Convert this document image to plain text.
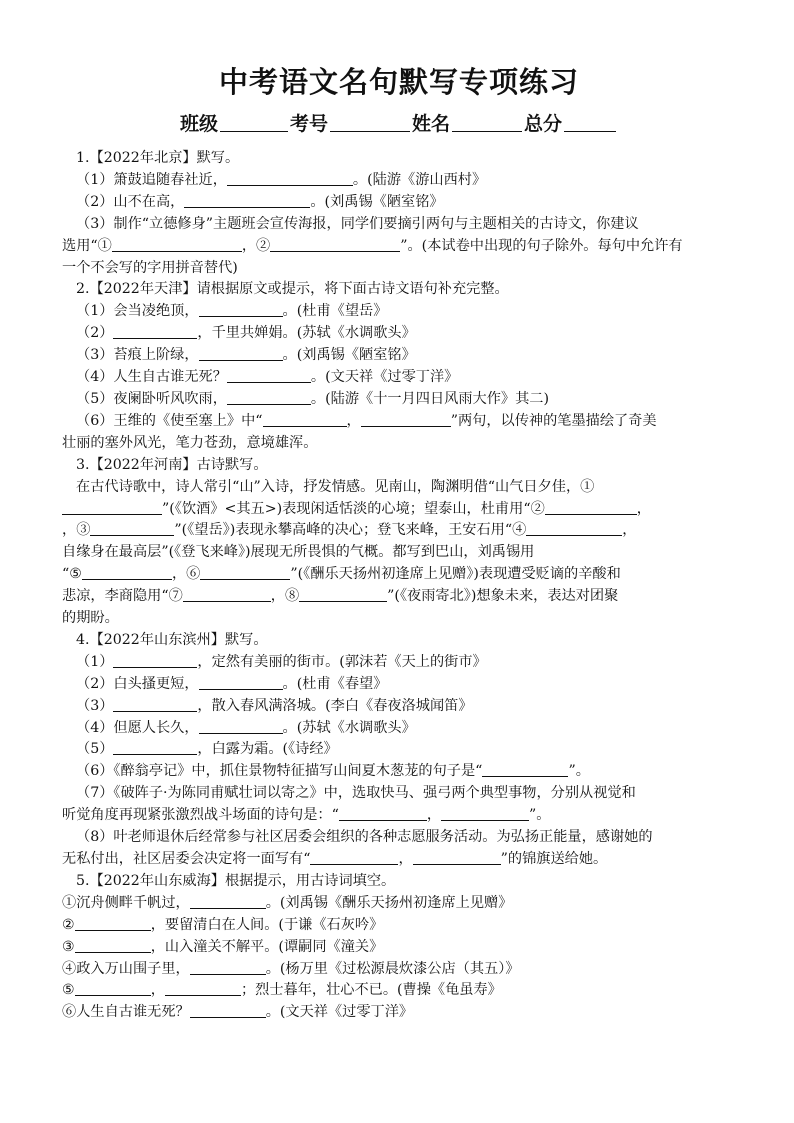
中考语文名句默写专项练习
班级	考号	姓名	总分

1.【2022年北京】默写。

（1）箫鼓追随春社近，	。(陆游《游山西村》

（2）山不在高，	。(刘禹锡《陋室铭》

（3）制作“立德修身”主题班会宣传海报，同学们要摘引两句与主题相关的古诗文，你建议

选用“①	，②	”。(本试卷中出现的句子除外。每句中允许有

一个不会写的字用拼音替代)

2.【2022年天津】请根据原文或提示，将下面古诗文语句补充完整。

（1）会当凌绝顶，	。(杜甫《望岳》

（2）	，千里共婵娟。(苏轼《水调歌头》

（3）苔痕上阶绿，	。(刘禹锡《陋室铭》

（4）人生自古谁无死？	。(文天祥《过零丁洋》

（5）夜阑卧听风吹雨，	。(陆游《十一月四日风雨大作》其二)

（6）王维的《使至塞上》中“	，	”两句，以传神的笔墨描绘了奇美

壮丽的塞外风光，笔力苍劲，意境雄浑。

3.【2022年河南】古诗默写。

在古代诗歌中，诗人常引“山”入诗，抒发情感。见南山，陶渊明借“山气日夕佳，①

”(《饮酒》<其五>)表现闲适恬淡的心境；望泰山，杜甫用“②	，

，③	”(《望岳》)表现永攀高峰的决心；登飞来峰，王安石用“④	，

自缘身在最高层”(《登飞来峰》)展现无所畏惧的气概。都写到巴山，刘禹锡用

“⑤	，⑥	”(《酬乐天扬州初逢席上见赠》)表现遭受贬谪的辛酸和

悲凉，李商隐用“⑦	，⑧	”(《夜雨寄北》)想象未来，表达对团聚

的期盼。

4.【2022年山东滨州】默写。

（1）	，定然有美丽的街市。(郭沫若《天上的街市》

（2）白头搔更短，	。(杜甫《春望》

（3）	，散入春风满洛城。(李白《春夜洛城闻笛》

（4）但愿人长久，	。(苏轼《水调歌头》

（5）	，白露为霜。(《诗经》

（6）《醉翁亭记》中，抓住景物特征描写山间夏木葱茏的句子是“	”。

（7）《破阵子·为陈同甫赋壮词以寄之》中，选取快马、强弓两个典型事物，分别从视觉和

听觉角度再现紧张激烈战斗场面的诗句是：“	，	”。

（8）叶老师退休后经常参与社区居委会组织的各种志愿服务活动。为弘扬正能量，感谢她的

无私付出，社区居委会决定将一面写有“	，	”的锦旗送给她。

5.【2022年山东威海】根据提示，用古诗词填空。

①沉舟侧畔千帆过，	。(刘禹锡《酬乐天扬州初逢席上见赠》

②	，要留清白在人间。(于谦《石灰吟》

③	，山入潼关不解平。(谭嗣同《潼关》

④政入万山围子里，	。(杨万里《过松源晨炊漆公店（其五）》

⑤	，	；烈士暮年，壮心不已。(曹操《龟虽寿》

⑥人生自古谁无死？	。(文天祥《过零丁洋》
